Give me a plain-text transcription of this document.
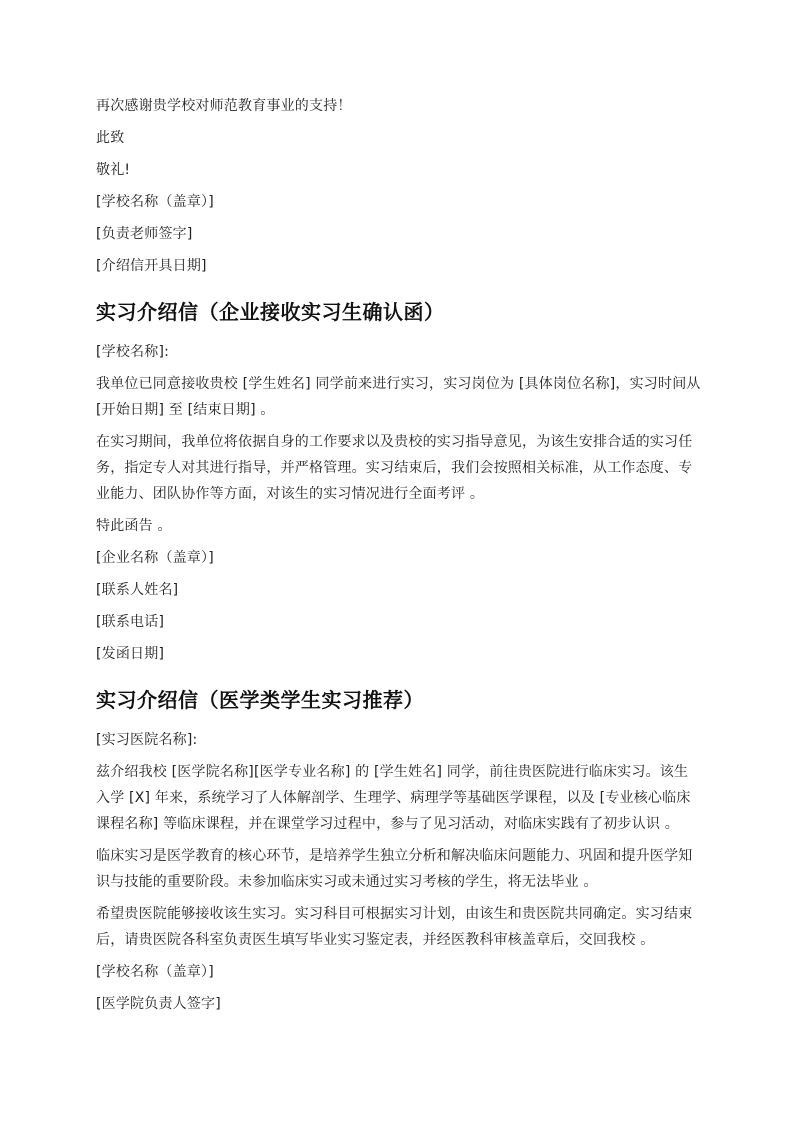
再次感谢贵学校对师范教育事业的支持！

此致

敬礼!

[学校名称（盖章）]

[负责老师签字]

[介绍信开具日期]

实习介绍信（企业接收实习生确认函）

[学校名称]:

我单位已同意接收贵校 [学生姓名] 同学前来进行实习，实习岗位为 [具体岗位名称]，实习时间从 [开始日期] 至 [结束日期] 。

在实习期间，我单位将依据自身的工作要求以及贵校的实习指导意见，为该生安排合适的实习任务，指定专人对其进行指导，并严格管理。实习结束后，我们会按照相关标准，从工作态度、专业能力、团队协作等方面，对该生的实习情况进行全面考评 。

特此函告 。

[企业名称（盖章）]

[联系人姓名]

[联系电话]

[发函日期]

实习介绍信（医学类学生实习推荐）

[实习医院名称]:

兹介绍我校 [医学院名称][医学专业名称] 的 [学生姓名] 同学，前往贵医院进行临床实习。该生入学 [X] 年来，系统学习了人体解剖学、生理学、病理学等基础医学课程，以及 [专业核心临床课程名称] 等临床课程，并在课堂学习过程中，参与了见习活动，对临床实践有了初步认识 。

临床实习是医学教育的核心环节，是培养学生独立分析和解决临床问题能力、巩固和提升医学知识与技能的重要阶段。未参加临床实习或未通过实习考核的学生，将无法毕业 。

希望贵医院能够接收该生实习。实习科目可根据实习计划，由该生和贵医院共同确定。实习结束后，请贵医院各科室负责医生填写毕业实习鉴定表，并经医教科审核盖章后，交回我校 。

[学校名称（盖章）]

[医学院负责人签字]
